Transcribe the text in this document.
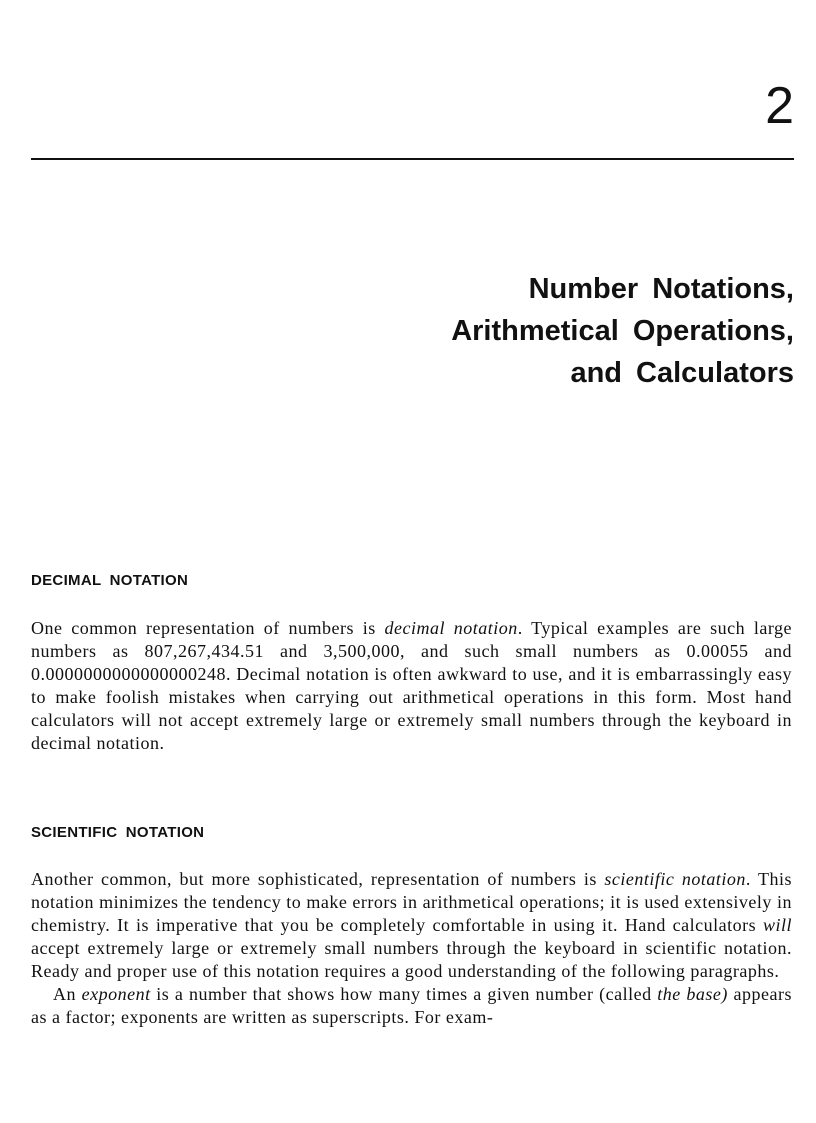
2
Number Notations,
Arithmetical Operations,
and Calculators
DECIMAL NOTATION

One common representation of numbers is decimal notation. Typical examples are such large numbers as 807,267,434.51 and 3,500,000, and such small numbers as 0.00055 and 0.0000000000000000248. Decimal notation is often awkward to use, and it is embarrassingly easy to make foolish mistakes when carrying out arithmetical operations in this form. Most hand calculators will not accept extremely large or extremely small numbers through the keyboard in decimal notation.

SCIENTIFIC NOTATION

Another common, but more sophisticated, representation of numbers is scientific notation. This notation minimizes the tendency to make errors in arithmetical operations; it is used extensively in chemistry. It is imperative that you be completely comfortable in using it. Hand calculators will accept extremely large or extremely small numbers through the keyboard in scientific notation. Ready and proper use of this notation requires a good understanding of the following paragraphs.

An exponent is a number that shows how many times a given number (called the base) appears as a factor; exponents are written as superscripts. For exam-
